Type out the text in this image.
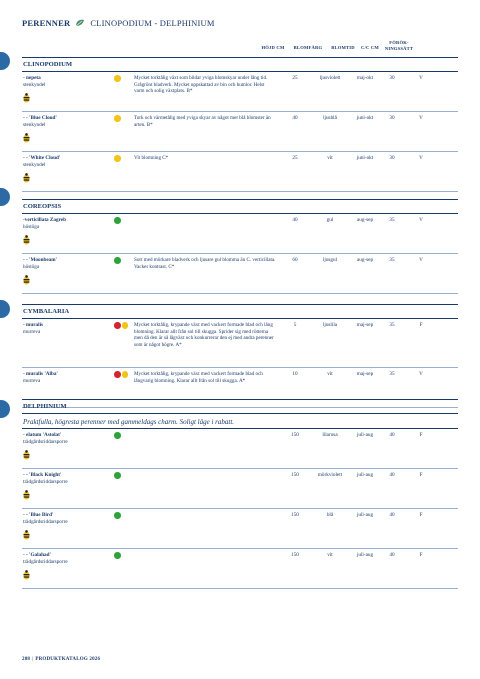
PERENNER CLINOPODIUM - DELPHINIUM
HÖJD CM	BLOMFÄRG	BLOMTID	C/C CM
FÖRÖK-
NINGSSÄTT
CLINOPODIUM
- nepeta
stenkyndel
Mycket torktålig växt som bildar yviga blomskyar under lång tid. Grågrönt bladverk. Mycket uppskattad av bin och humlor. Helst varm och solig växtplats. B*
25	ljusviolett	maj-okt	30	V
- - 'Blue Cloud'
stenkyndel
Tork och värmetålig med yviga skyar av något mer blå blomster än arten. B*
40	ljusblå	juni-okt	30	V
- - 'White Cloud'
stenkyndel
Vit blomning C*	25	vit	juni-okt	30	V
COREOPSIS
-verticillata Zagreb
höstöga
40	gul	aug-sep	35	V
- - 'Moonbeam'
höstöga
Sort med mörkare bladverk och ljusare gul blomma än C. verticillata. Vacker kontrast. C*
60	ljusgul	aug-sep	35	V
CYMBALARIA
- muralis
murreva
Mycket torktålig, krypande växt med vackert formade blad och lång blomning. Klarar allt från sol till skugga. Sprider sig med rötterna men då den är så lågväxt och konkurrerar den ej med andra perenner som är något högre. A*
5	ljuslila	maj-sep	35	F
- muralis 'Alba'
murreva
Mycket torktålig, krypande växt med vackert formade blad och långvarig blomning. Klarar allt från sol till skugga. A*
10	vit	maj-sep	35	V
DELPHINIUM
Praktfulla, högresta perenner med gammeldags charm. Soligt läge i rabatt.
- elatum 'Astolat'
trädgårdsriddarsporre
150	lilarosa	juli-aug	40	F
- - 'Black Knight'
trädgårdsriddarsporre
150	mörkviolett	juli-aug	40	F
- - 'Blue Bird'
trädgårdsriddarsporre
150	blå	juli-aug	40	F
- - 'Galahad'
trädgårdsriddarsporre
150	vit	juli-aug	40	F
208 | PRODUKTKATALOG 2026
